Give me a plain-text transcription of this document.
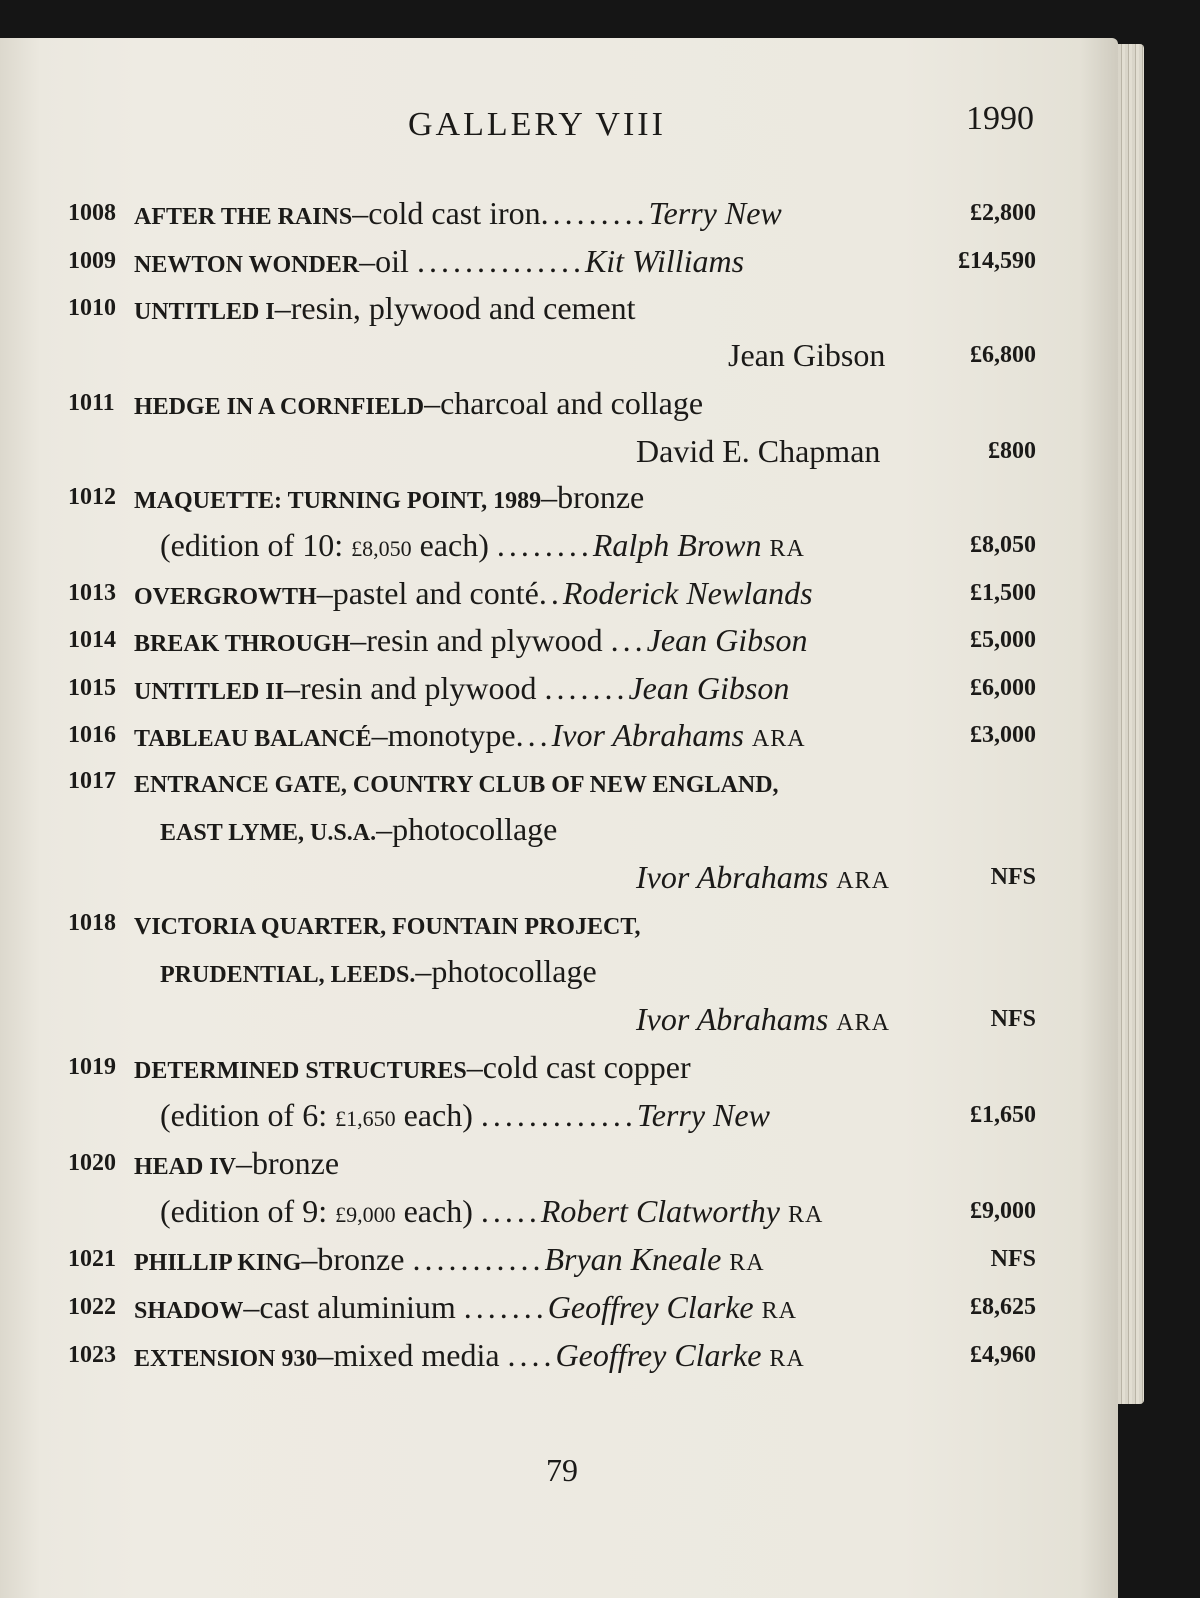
GALLERY VIII	1990
1008 AFTER THE RAINS–cold cast iron.........Terry New	£2,800
1009 NEWTON WONDER–oil ..............Kit Williams	£14,590
1010 UNTITLED I–resin, plywood and cement
Jean Gibson	£6,800
1011 HEDGE IN A CORNFIELD–charcoal and collage
David E. Chapman	£800
1012 MAQUETTE: TURNING POINT, 1989–bronze
(edition of 10: £8,050 each) ........Ralph Brown RA	£8,050
1013 OVERGROWTH–pastel and conté..Roderick Newlands	£1,500
1014 BREAK THROUGH–resin and plywood ...Jean Gibson	£5,000
1015 UNTITLED II–resin and plywood .......Jean Gibson	£6,000
1016 TABLEAU BALANCÉ–monotype...Ivor Abrahams ARA	£3,000
1017 ENTRANCE GATE, COUNTRY CLUB OF NEW ENGLAND,
EAST LYME, U.S.A.–photocollage
Ivor Abrahams ARA	NFS
1018 VICTORIA QUARTER, FOUNTAIN PROJECT,
PRUDENTIAL, LEEDS.–photocollage
Ivor Abrahams ARA	NFS
1019 DETERMINED STRUCTURES–cold cast copper
(edition of 6: £1,650 each) .............Terry New	£1,650
1020 HEAD IV–bronze
(edition of 9: £9,000 each) .....Robert Clatworthy RA	£9,000
1021 PHILLIP KING–bronze ...........Bryan Kneale RA	NFS
1022 SHADOW–cast aluminium .......Geoffrey Clarke RA	£8,625
1023 EXTENSION 930–mixed media ....Geoffrey Clarke RA	£4,960
79
